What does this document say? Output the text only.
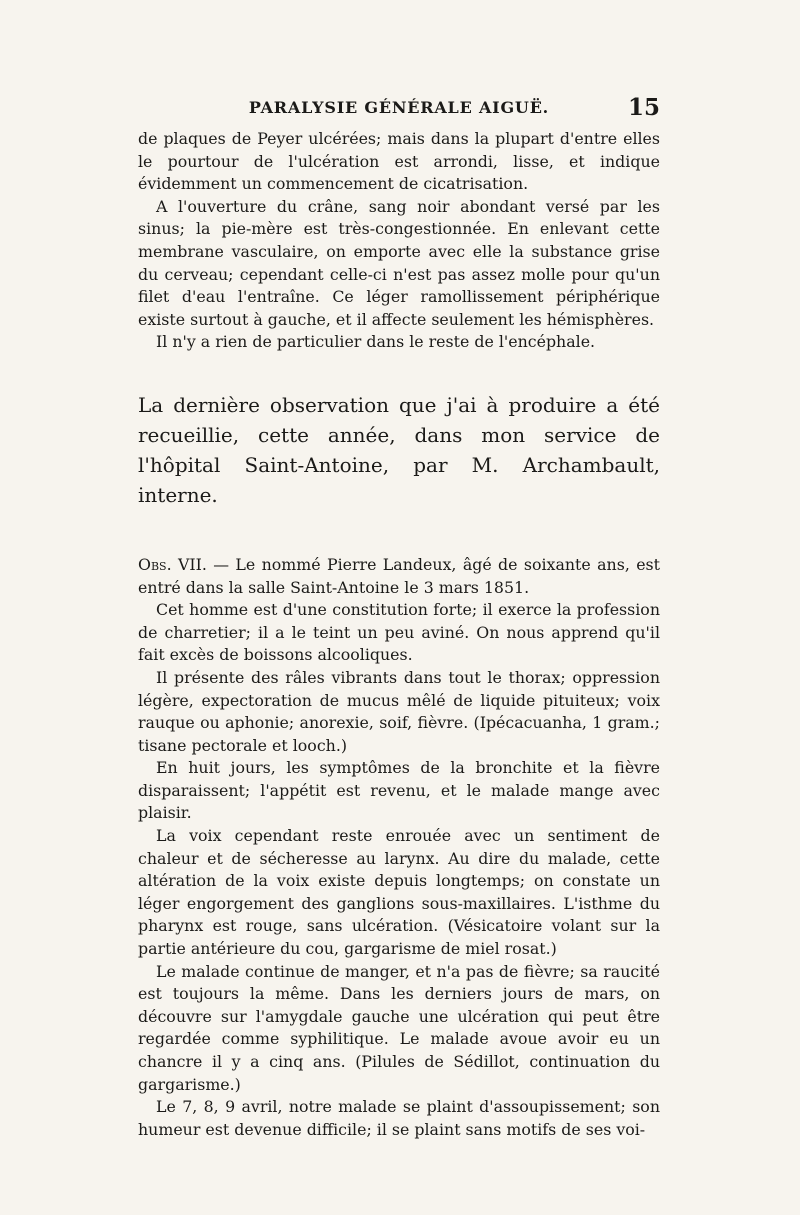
PARALYSIE GÉNÉRALE AIGUË.	15

de plaques de Peyer ulcérées; mais dans la plupart d'entre elles le pourtour de l'ulcération est arrondi, lisse, et indique évidemment un commencement de cicatrisation.

A l'ouverture du crâne, sang noir abondant versé par les sinus; la pie-mère est très-congestionnée. En enlevant cette membrane vasculaire, on emporte avec elle la substance grise du cerveau; cependant celle-ci n'est pas assez molle pour qu'un filet d'eau l'entraîne. Ce léger ramollissement périphérique existe surtout à gauche, et il affecte seulement les hémisphères.

Il n'y a rien de particulier dans le reste de l'encéphale.

La dernière observation que j'ai à produire a été recueillie, cette année, dans mon service de l'hôpital Saint-Antoine, par M. Archambault, interne.

Obs. VII. — Le nommé Pierre Landeux, âgé de soixante ans, est entré dans la salle Saint-Antoine le 3 mars 1851.

Cet homme est d'une constitution forte; il exerce la profession de charretier; il a le teint un peu aviné. On nous apprend qu'il fait excès de boissons alcooliques.

Il présente des râles vibrants dans tout le thorax; oppression légère, expectoration de mucus mêlé de liquide pituiteux; voix rauque ou aphonie; anorexie, soif, fièvre. (Ipécacuanha, 1 gram.; tisane pectorale et looch.)

En huit jours, les symptômes de la bronchite et la fièvre disparaissent; l'appétit est revenu, et le malade mange avec plaisir.

La voix cependant reste enrouée avec un sentiment de chaleur et de sécheresse au larynx. Au dire du malade, cette altération de la voix existe depuis longtemps; on constate un léger engorgement des ganglions sous-maxillaires. L'isthme du pharynx est rouge, sans ulcération. (Vésicatoire volant sur la partie antérieure du cou, gargarisme de miel rosat.)

Le malade continue de manger, et n'a pas de fièvre; sa raucité est toujours la même. Dans les derniers jours de mars, on découvre sur l'amygdale gauche une ulcération qui peut être regardée comme syphilitique. Le malade avoue avoir eu un chancre il y a cinq ans. (Pilules de Sédillot, continuation du gargarisme.)

Le 7, 8, 9 avril, notre malade se plaint d'assoupissement; son humeur est devenue difficile; il se plaint sans motifs de ses voi-
